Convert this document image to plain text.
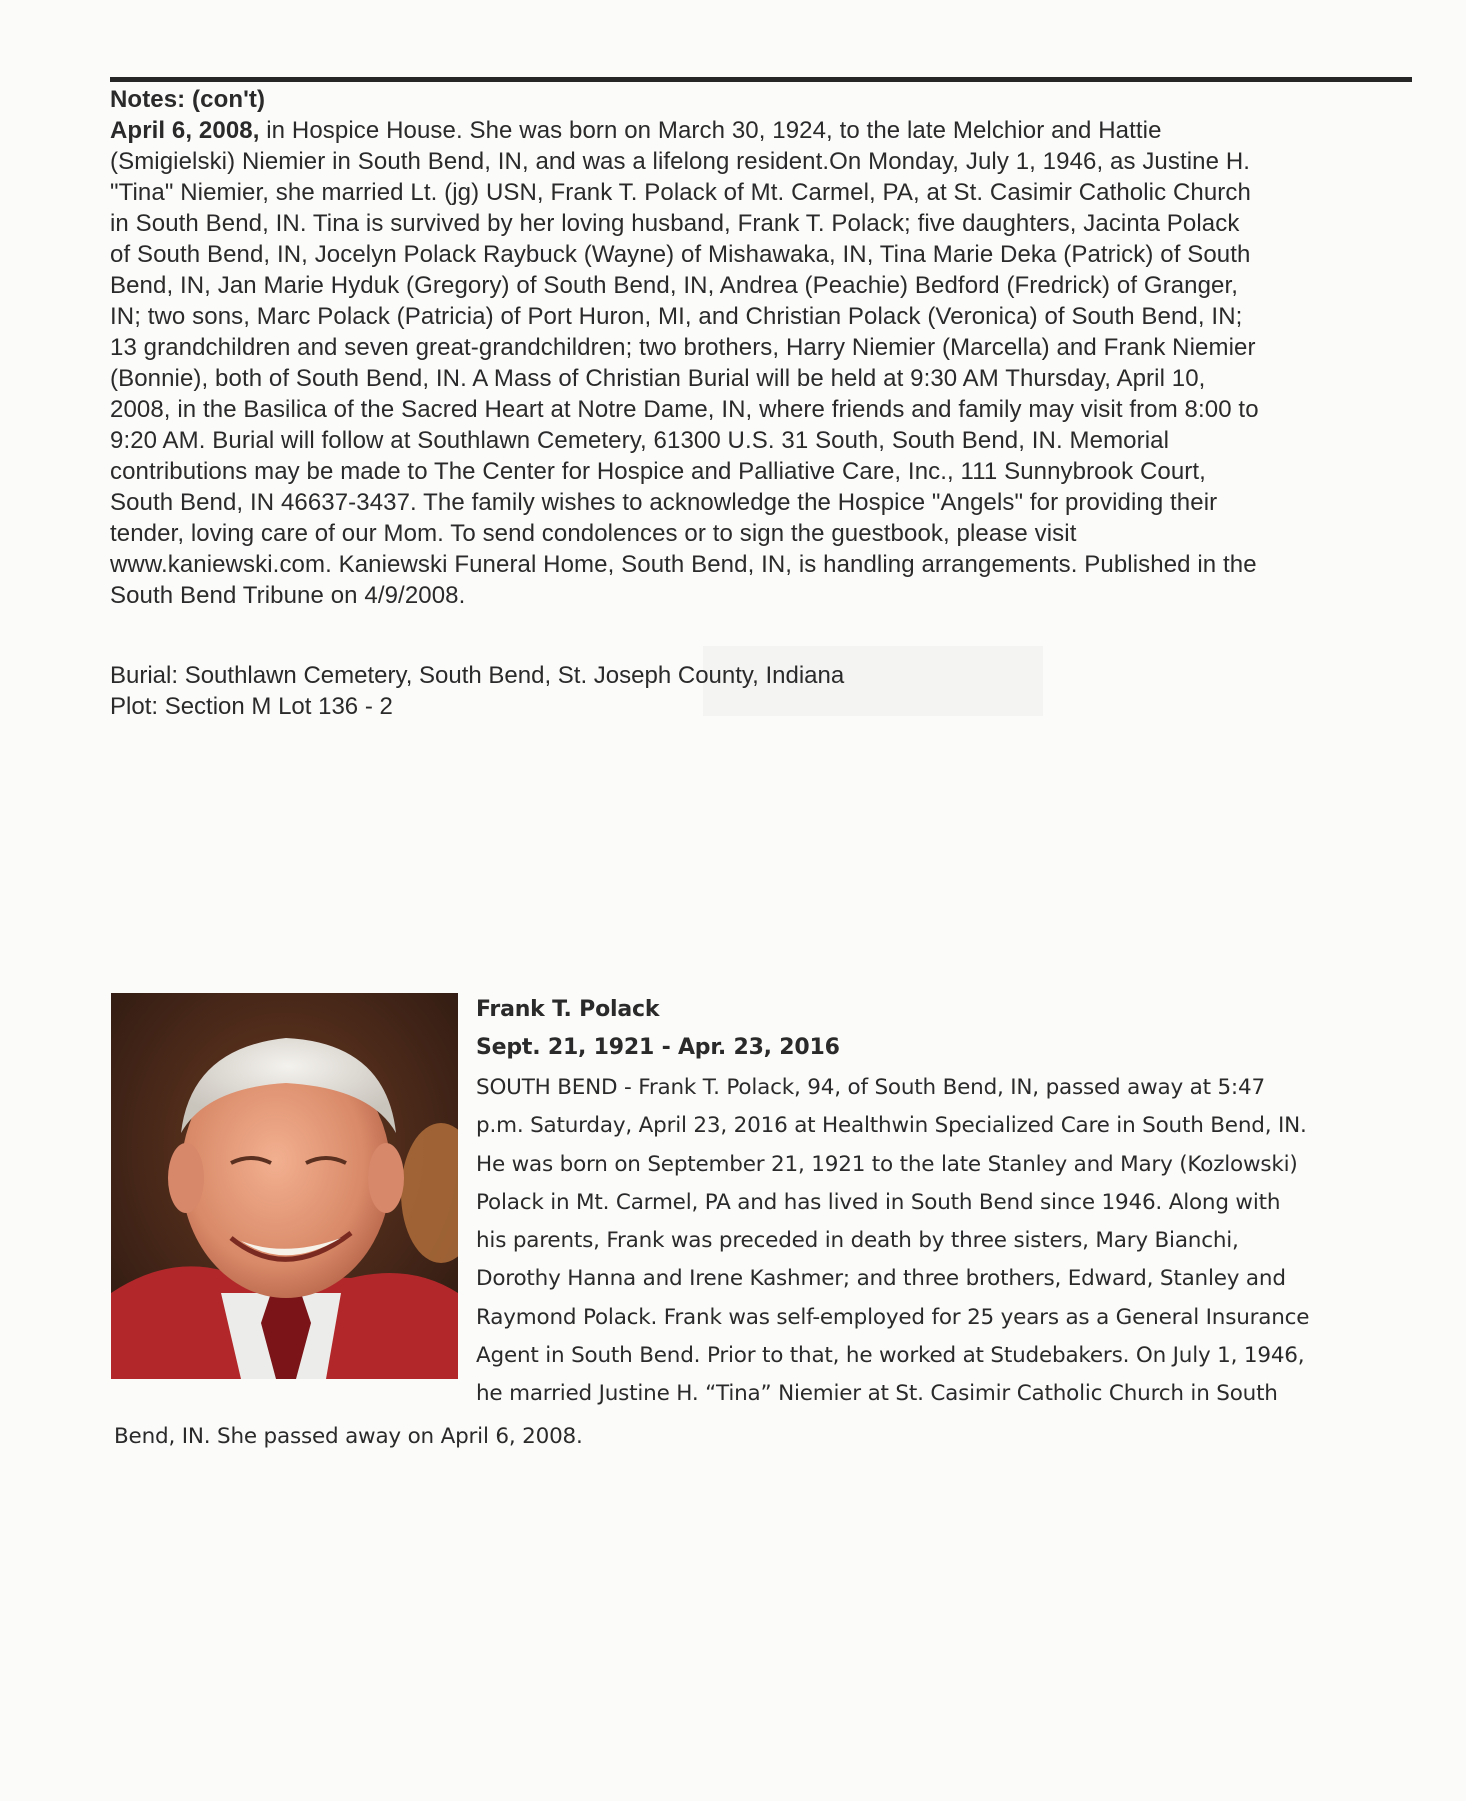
Notes: (con't)
April 6, 2008, in Hospice House. She was born on March 30, 1924, to the late Melchior and Hattie
(Smigielski) Niemier in South Bend, IN, and was a lifelong resident.On Monday, July 1, 1946, as Justine H.
"Tina" Niemier, she married Lt. (jg) USN, Frank T. Polack of Mt. Carmel, PA, at St. Casimir Catholic Church
in South Bend, IN. Tina is survived by her loving husband, Frank T. Polack; five daughters, Jacinta Polack
of South Bend, IN, Jocelyn Polack Raybuck (Wayne) of Mishawaka, IN, Tina Marie Deka (Patrick) of South
Bend, IN, Jan Marie Hyduk (Gregory) of South Bend, IN, Andrea (Peachie) Bedford (Fredrick) of Granger,
IN; two sons, Marc Polack (Patricia) of Port Huron, MI, and Christian Polack (Veronica) of South Bend, IN;
13 grandchildren and seven great-grandchildren; two brothers, Harry Niemier (Marcella) and Frank Niemier
(Bonnie), both of South Bend, IN. A Mass of Christian Burial will be held at 9:30 AM Thursday, April 10,
2008, in the Basilica of the Sacred Heart at Notre Dame, IN, where friends and family may visit from 8:00 to
9:20 AM. Burial will follow at Southlawn Cemetery, 61300 U.S. 31 South, South Bend, IN. Memorial
contributions may be made to The Center for Hospice and Palliative Care, Inc., 111 Sunnybrook Court,
South Bend, IN 46637-3437. The family wishes to acknowledge the Hospice "Angels" for providing their
tender, loving care of our Mom. To send condolences or to sign the guestbook, please visit
www.kaniewski.com. Kaniewski Funeral Home, South Bend, IN, is handling arrangements. Published in the
South Bend Tribune on 4/9/2008.
Burial: Southlawn Cemetery, South Bend, St. Joseph County, Indiana
Plot: Section M Lot 136 - 2
Frank T. Polack
Sept. 21, 1921 - Apr. 23, 2016
SOUTH BEND - Frank T. Polack, 94, of South Bend, IN, passed away at 5:47
p.m. Saturday, April 23, 2016 at Healthwin Specialized Care in South Bend, IN.
He was born on September 21, 1921 to the late Stanley and Mary (Kozlowski)
Polack in Mt. Carmel, PA and has lived in South Bend since 1946. Along with
his parents, Frank was preceded in death by three sisters, Mary Bianchi,
Dorothy Hanna and Irene Kashmer; and three brothers, Edward, Stanley and
Raymond Polack. Frank was self-employed for 25 years as a General Insurance
Agent in South Bend. Prior to that, he worked at Studebakers. On July 1, 1946,
he married Justine H. “Tina” Niemier at St. Casimir Catholic Church in South
Bend, IN. She passed away on April 6, 2008.
